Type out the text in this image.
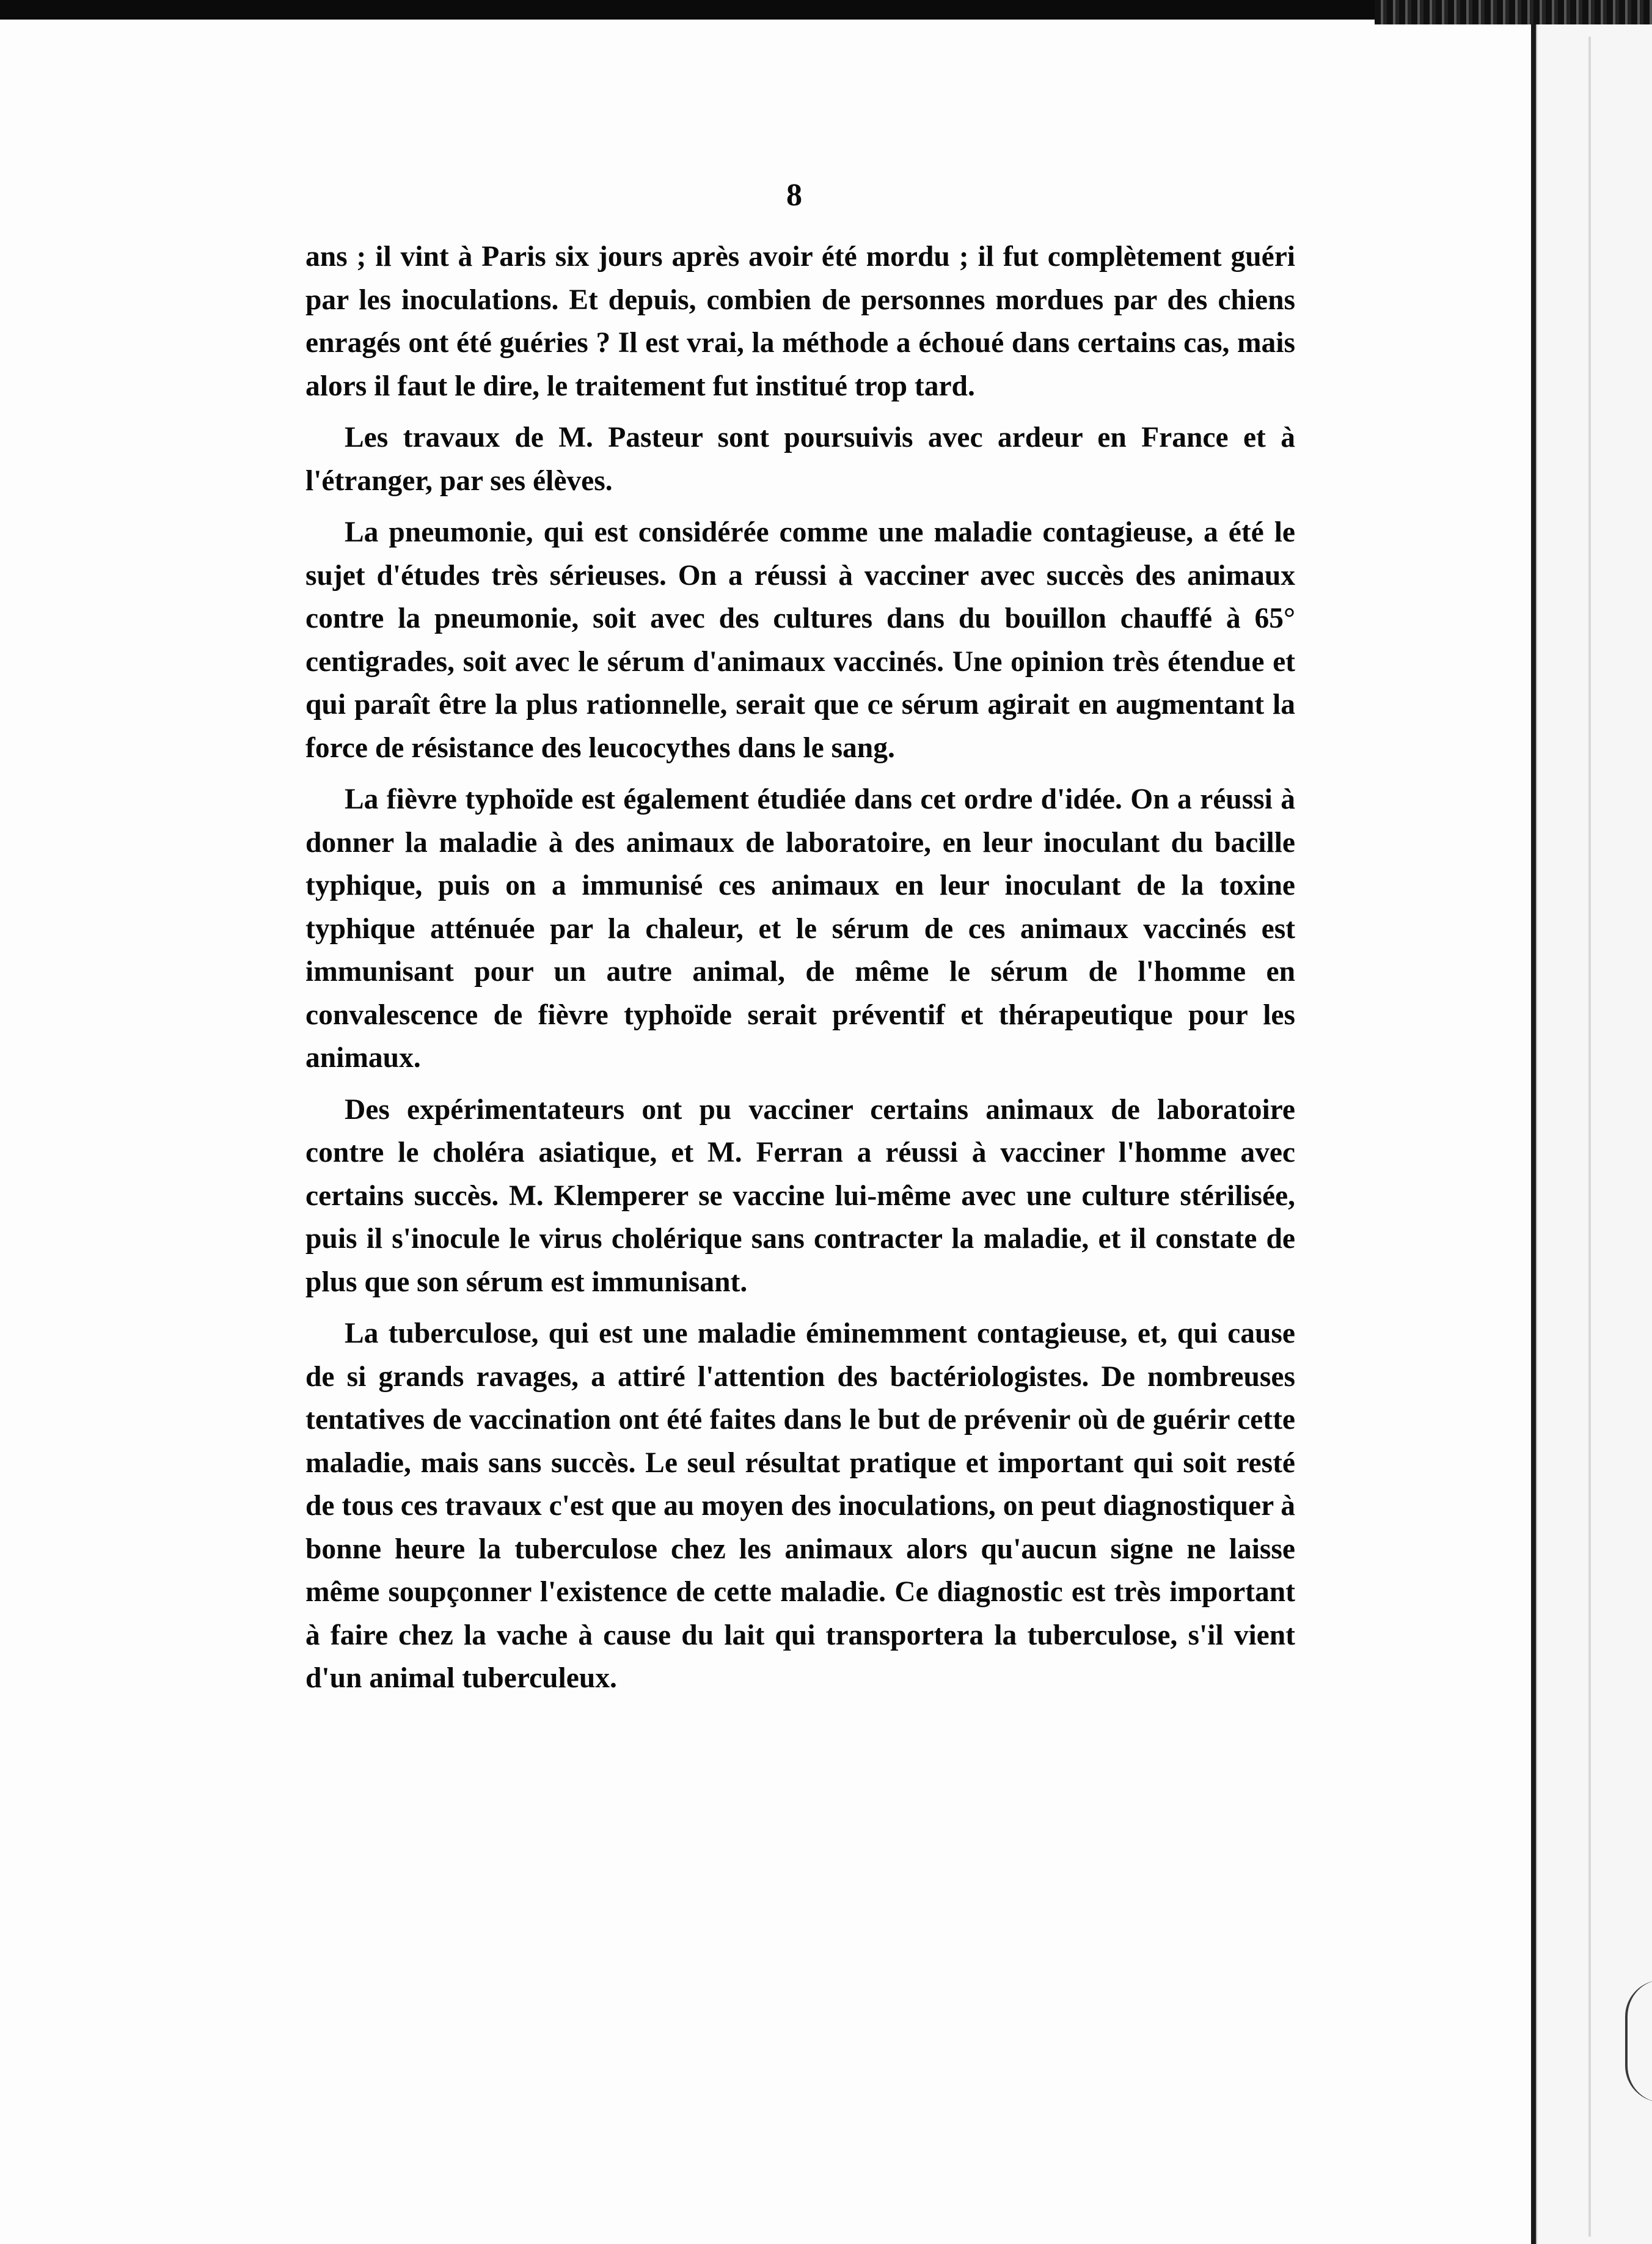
8

ans ; il vint à Paris six jours après avoir été mordu ; il fut complètement guéri par les inoculations. Et depuis, combien de personnes mordues par des chiens enragés ont été guéries ? Il est vrai, la méthode a échoué dans certains cas, mais alors il faut le dire, le traitement fut institué trop tard.

Les travaux de M. Pasteur sont poursuivis avec ardeur en France et à l'étranger, par ses élèves.

La pneumonie, qui est considérée comme une maladie contagieuse, a été le sujet d'études très sérieuses. On a réussi à vacciner avec succès des animaux contre la pneumonie, soit avec des cultures dans du bouillon chauffé à 65° centigrades, soit avec le sérum d'animaux vaccinés. Une opinion très étendue et qui paraît être la plus rationnelle, serait que ce sérum agirait en augmentant la force de résistance des leucocythes dans le sang.

La fièvre typhoïde est également étudiée dans cet ordre d'idée. On a réussi à donner la maladie à des animaux de laboratoire, en leur inoculant du bacille typhique, puis on a immunisé ces animaux en leur inoculant de la toxine typhique atténuée par la chaleur, et le sérum de ces animaux vaccinés est immunisant pour un autre animal, de même le sérum de l'homme en convalescence de fièvre typhoïde serait préventif et thérapeutique pour les animaux.

Des expérimentateurs ont pu vacciner certains animaux de laboratoire contre le choléra asiatique, et M. Ferran a réussi à vacciner l'homme avec certains succès. M. Klemperer se vaccine lui-même avec une culture stérilisée, puis il s'inocule le virus cholérique sans contracter la maladie, et il constate de plus que son sérum est immunisant.

La tuberculose, qui est une maladie éminemment contagieuse, et, qui cause de si grands ravages, a attiré l'attention des bactériologistes. De nombreuses tentatives de vaccination ont été faites dans le but de prévenir où de guérir cette maladie, mais sans succès. Le seul résultat pratique et important qui soit resté de tous ces travaux c'est que au moyen des inoculations, on peut diagnostiquer à bonne heure la tuberculose chez les animaux alors qu'aucun signe ne laisse même soupçonner l'existence de cette maladie. Ce diagnostic est très important à faire chez la vache à cause du lait qui transportera la tuberculose, s'il vient d'un animal tuberculeux.
